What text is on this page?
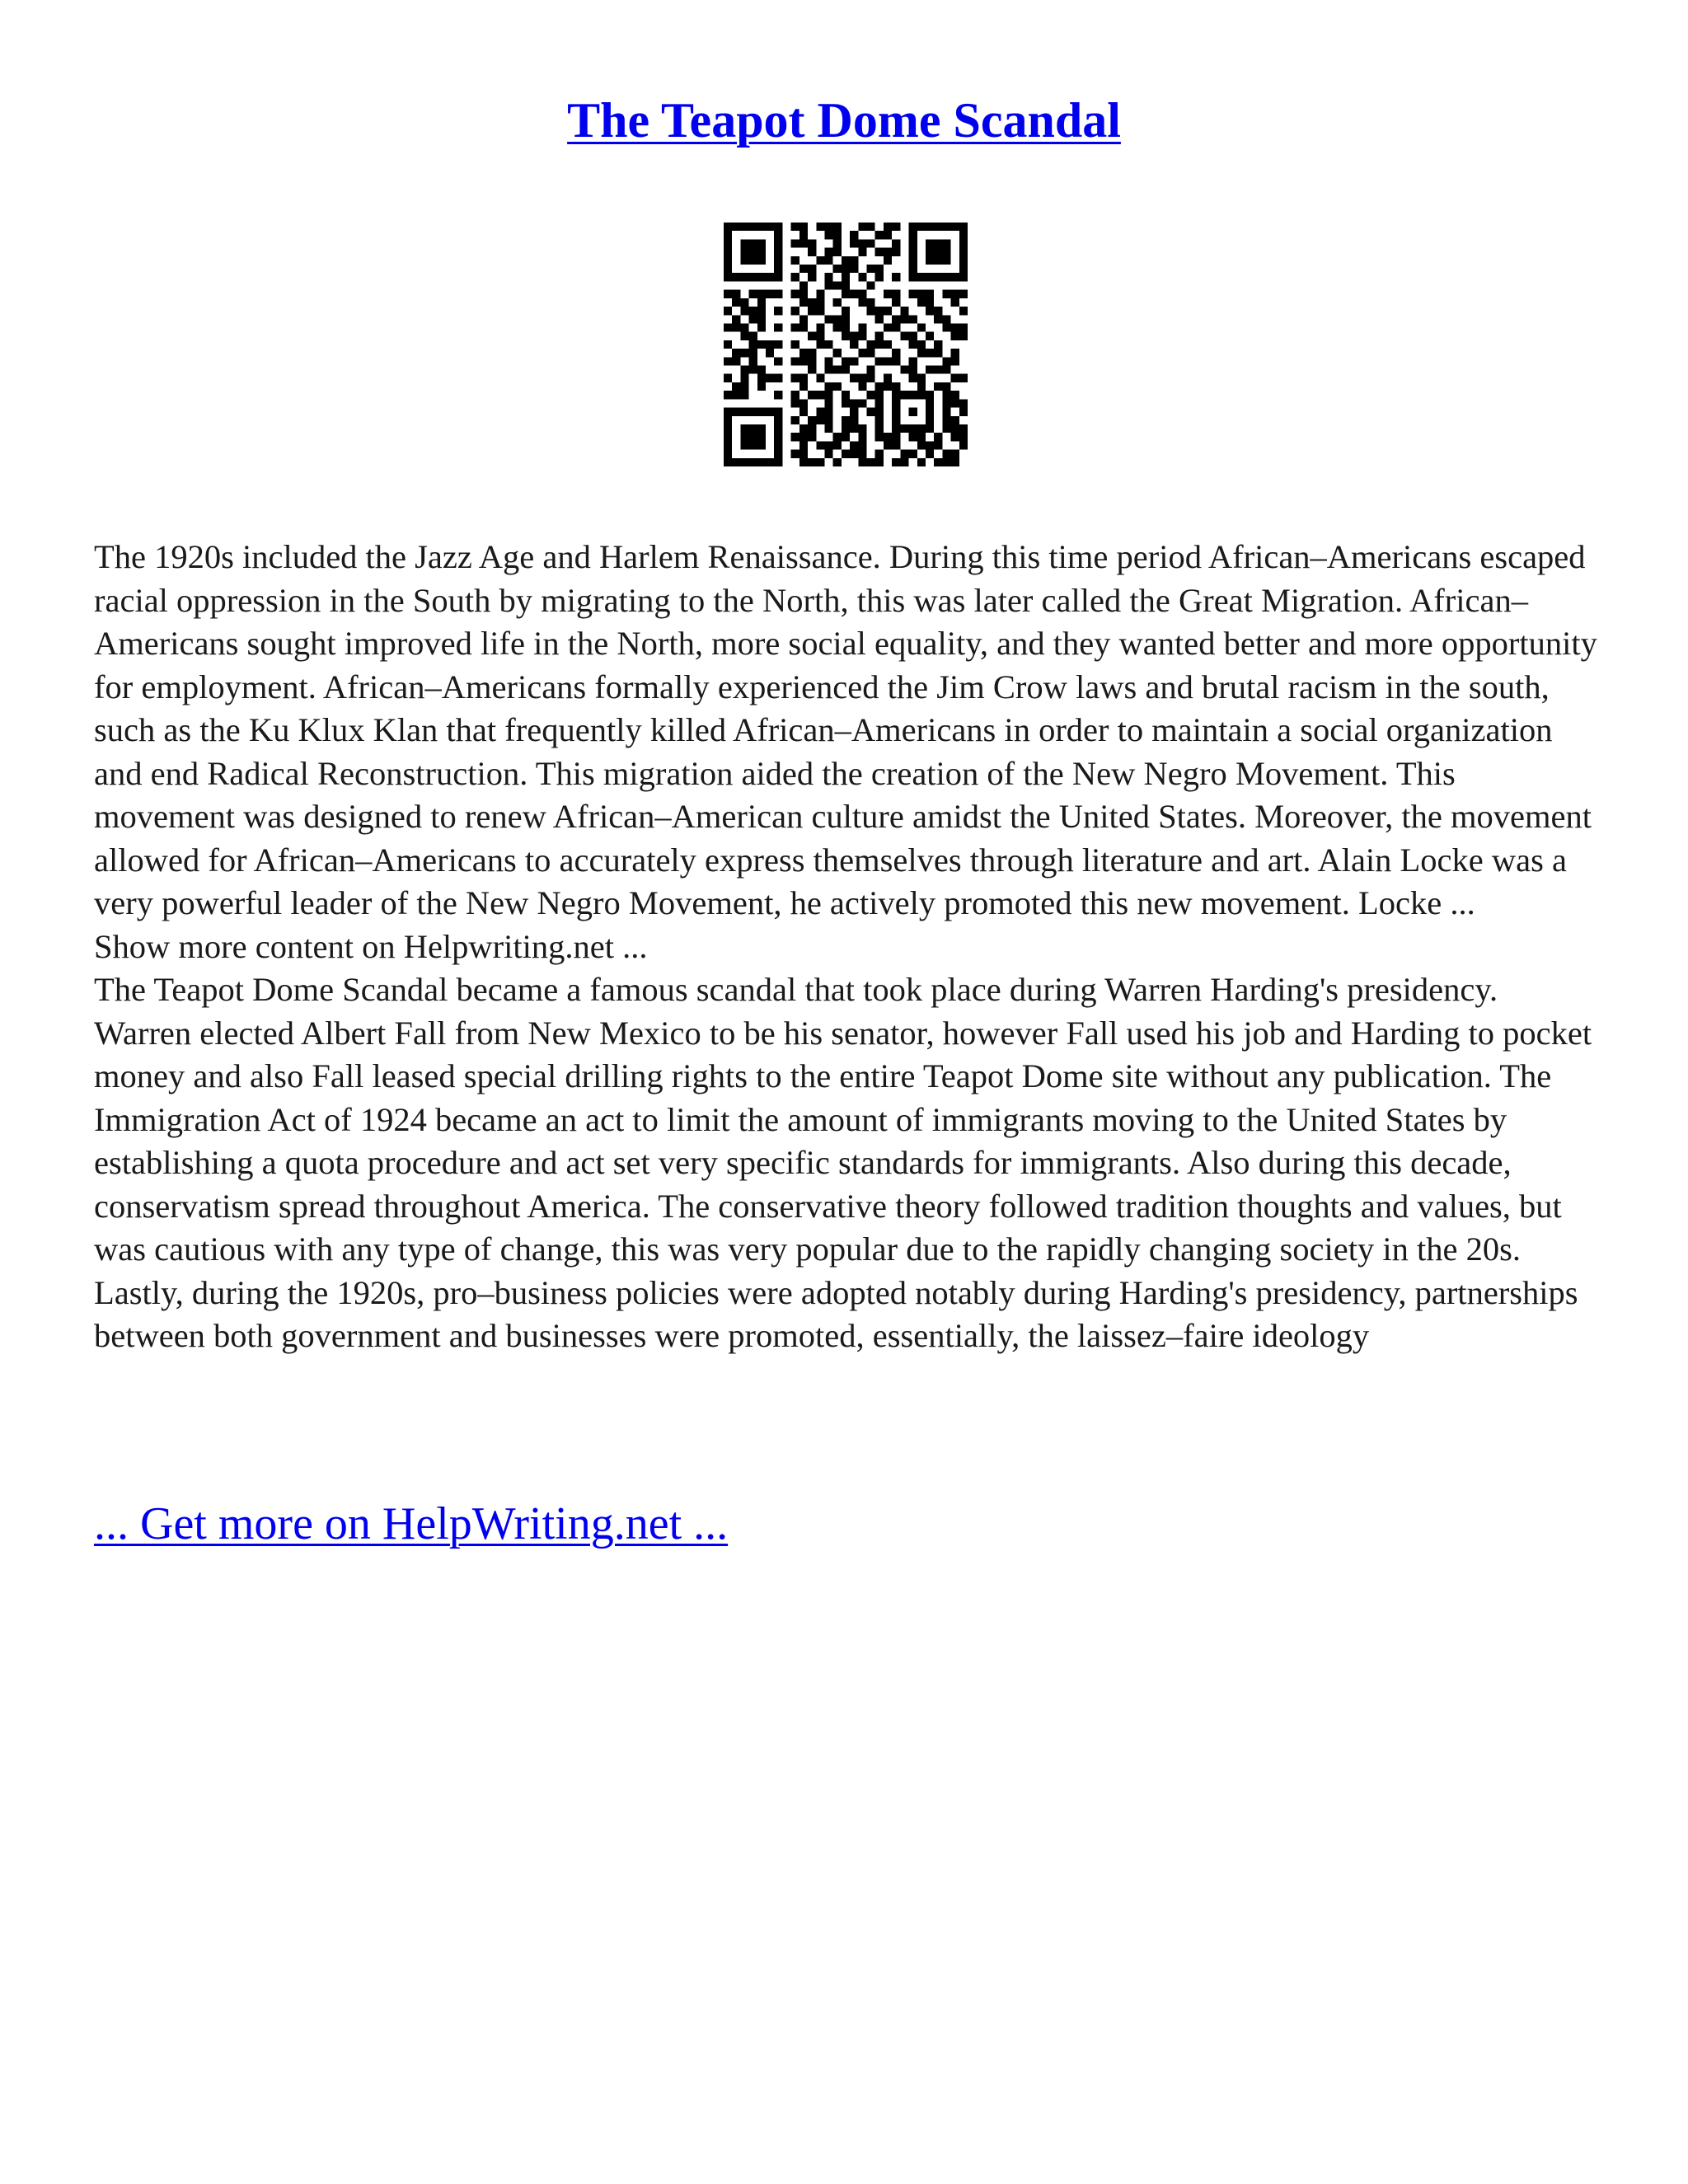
The Teapot Dome Scandal

The 1920s included the Jazz Age and Harlem Renaissance. During this time period African–Americans escaped racial oppression in the South by migrating to the North, this was later called the Great Migration. African–Americans sought improved life in the North, more social equality, and they wanted better and more opportunity for employment. African–Americans formally experienced the Jim Crow laws and brutal racism in the south, such as the Ku Klux Klan that frequently killed African–Americans in order to maintain a social organization and end Radical Reconstruction. This migration aided the creation of the New Negro Movement. This movement was designed to renew African–American culture amidst the United States. Moreover, the movement allowed for African–Americans to accurately express themselves through literature and art. Alain Locke was a very powerful leader of the New Negro Movement, he actively promoted this new movement. Locke ...

Show more content on Helpwriting.net ...

The Teapot Dome Scandal became a famous scandal that took place during Warren Harding's presidency. Warren elected Albert Fall from New Mexico to be his senator, however Fall used his job and Harding to pocket money and also Fall leased special drilling rights to the entire Teapot Dome site without any publication. The Immigration Act of 1924 became an act to limit the amount of immigrants moving to the United States by establishing a quota procedure and act set very specific standards for immigrants. Also during this decade, conservatism spread throughout America. The conservative theory followed tradition thoughts and values, but was cautious with any type of change, this was very popular due to the rapidly changing society in the 20s. Lastly, during the 1920s, pro–business policies were adopted notably during Harding's presidency, partnerships between both government and businesses were promoted, essentially, the laissez–faire ideology

... Get more on HelpWriting.net ...
